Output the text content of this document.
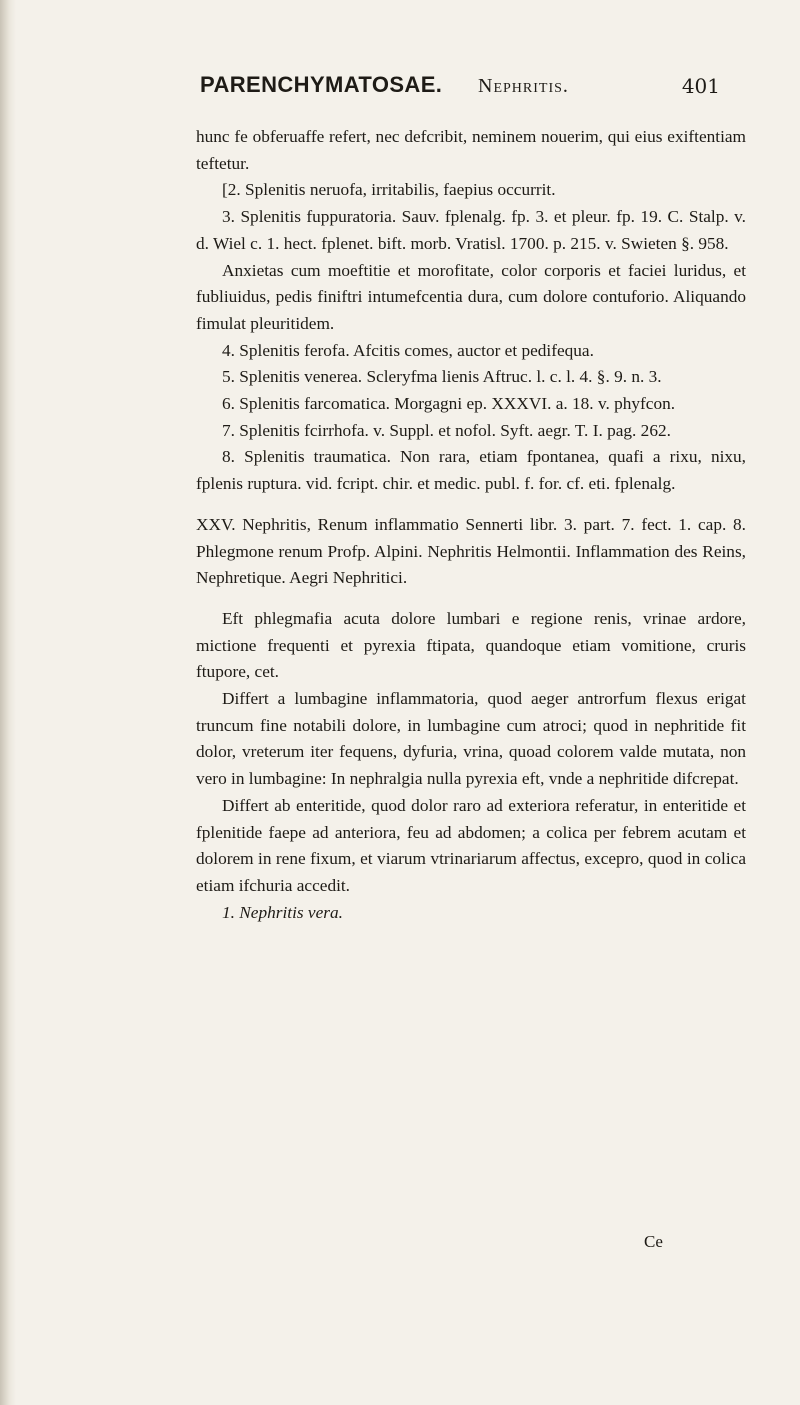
PARENCHYMATOSAE. Nephritis.	401

hunc fe obferuaffe refert, nec defcribit, neminem nouerim, qui eius exiftentiam teftetur.

[2. Splenitis neruofa, irritabilis, faepius occurrit.

3. Splenitis fuppuratoria. Sauv. fplenalg. fp. 3. et pleur. fp. 19. C. Stalp. v. d. Wiel c. 1. hect. fplenet. bift. morb. Vratisl. 1700. p. 215. v. Swieten §. 958.

Anxietas cum moeftitie et morofitate, color corporis et faciei luridus, et fubliuidus, pedis finiftri intumefcentia dura, cum dolore contuforio. Aliquando fimulat pleuritidem.

4. Splenitis ferofa. Afcitis comes, auctor et pedifequa.

5. Splenitis venerea. Scleryfma lienis Aftruc. l. c. l. 4. §. 9. n. 3.

6. Splenitis farcomatica. Morgagni ep. XXXVI. a. 18. v. phyfcon.

7. Splenitis fcirrhofa. v. Suppl. et nofol. Syft. aegr. T. I. pag. 262.

8. Splenitis traumatica. Non rara, etiam fpontanea, quafi a rixu, nixu, fplenis ruptura. vid. fcript. chir. et medic. publ. f. for. cf. eti. fplenalg.

XXV. Nephritis, Renum inflammatio Sennerti libr. 3. part. 7. fect. 1. cap. 8. Phlegmone renum Profp. Alpini. Nephritis Helmontii. Inflammation des Reins, Nephretique. Aegri Nephritici.

Eft phlegmafia acuta dolore lumbari e regione renis, vrinae ardore, mictione frequenti et pyrexia ftipata, quandoque etiam vomitione, cruris ftupore, cet.

Differt a lumbagine inflammatoria, quod aeger antrorfum flexus erigat truncum fine notabili dolore, in lumbagine cum atroci; quod in nephritide fit dolor, vreterum iter fequens, dyfuria, vrina, quoad colorem valde mutata, non vero in lumbagine: In nephralgia nulla pyrexia eft, vnde a nephritide difcrepat.

Differt ab enteritide, quod dolor raro ad exteriora referatur, in enteritide et fplenitide faepe ad anteriora, feu ad abdomen; a colica per febrem acutam et dolorem in rene fixum, et viarum vtrinariarum affectus, excepro, quod in colica etiam ifchuria accedit.

1. Nephritis vera.

Ce
